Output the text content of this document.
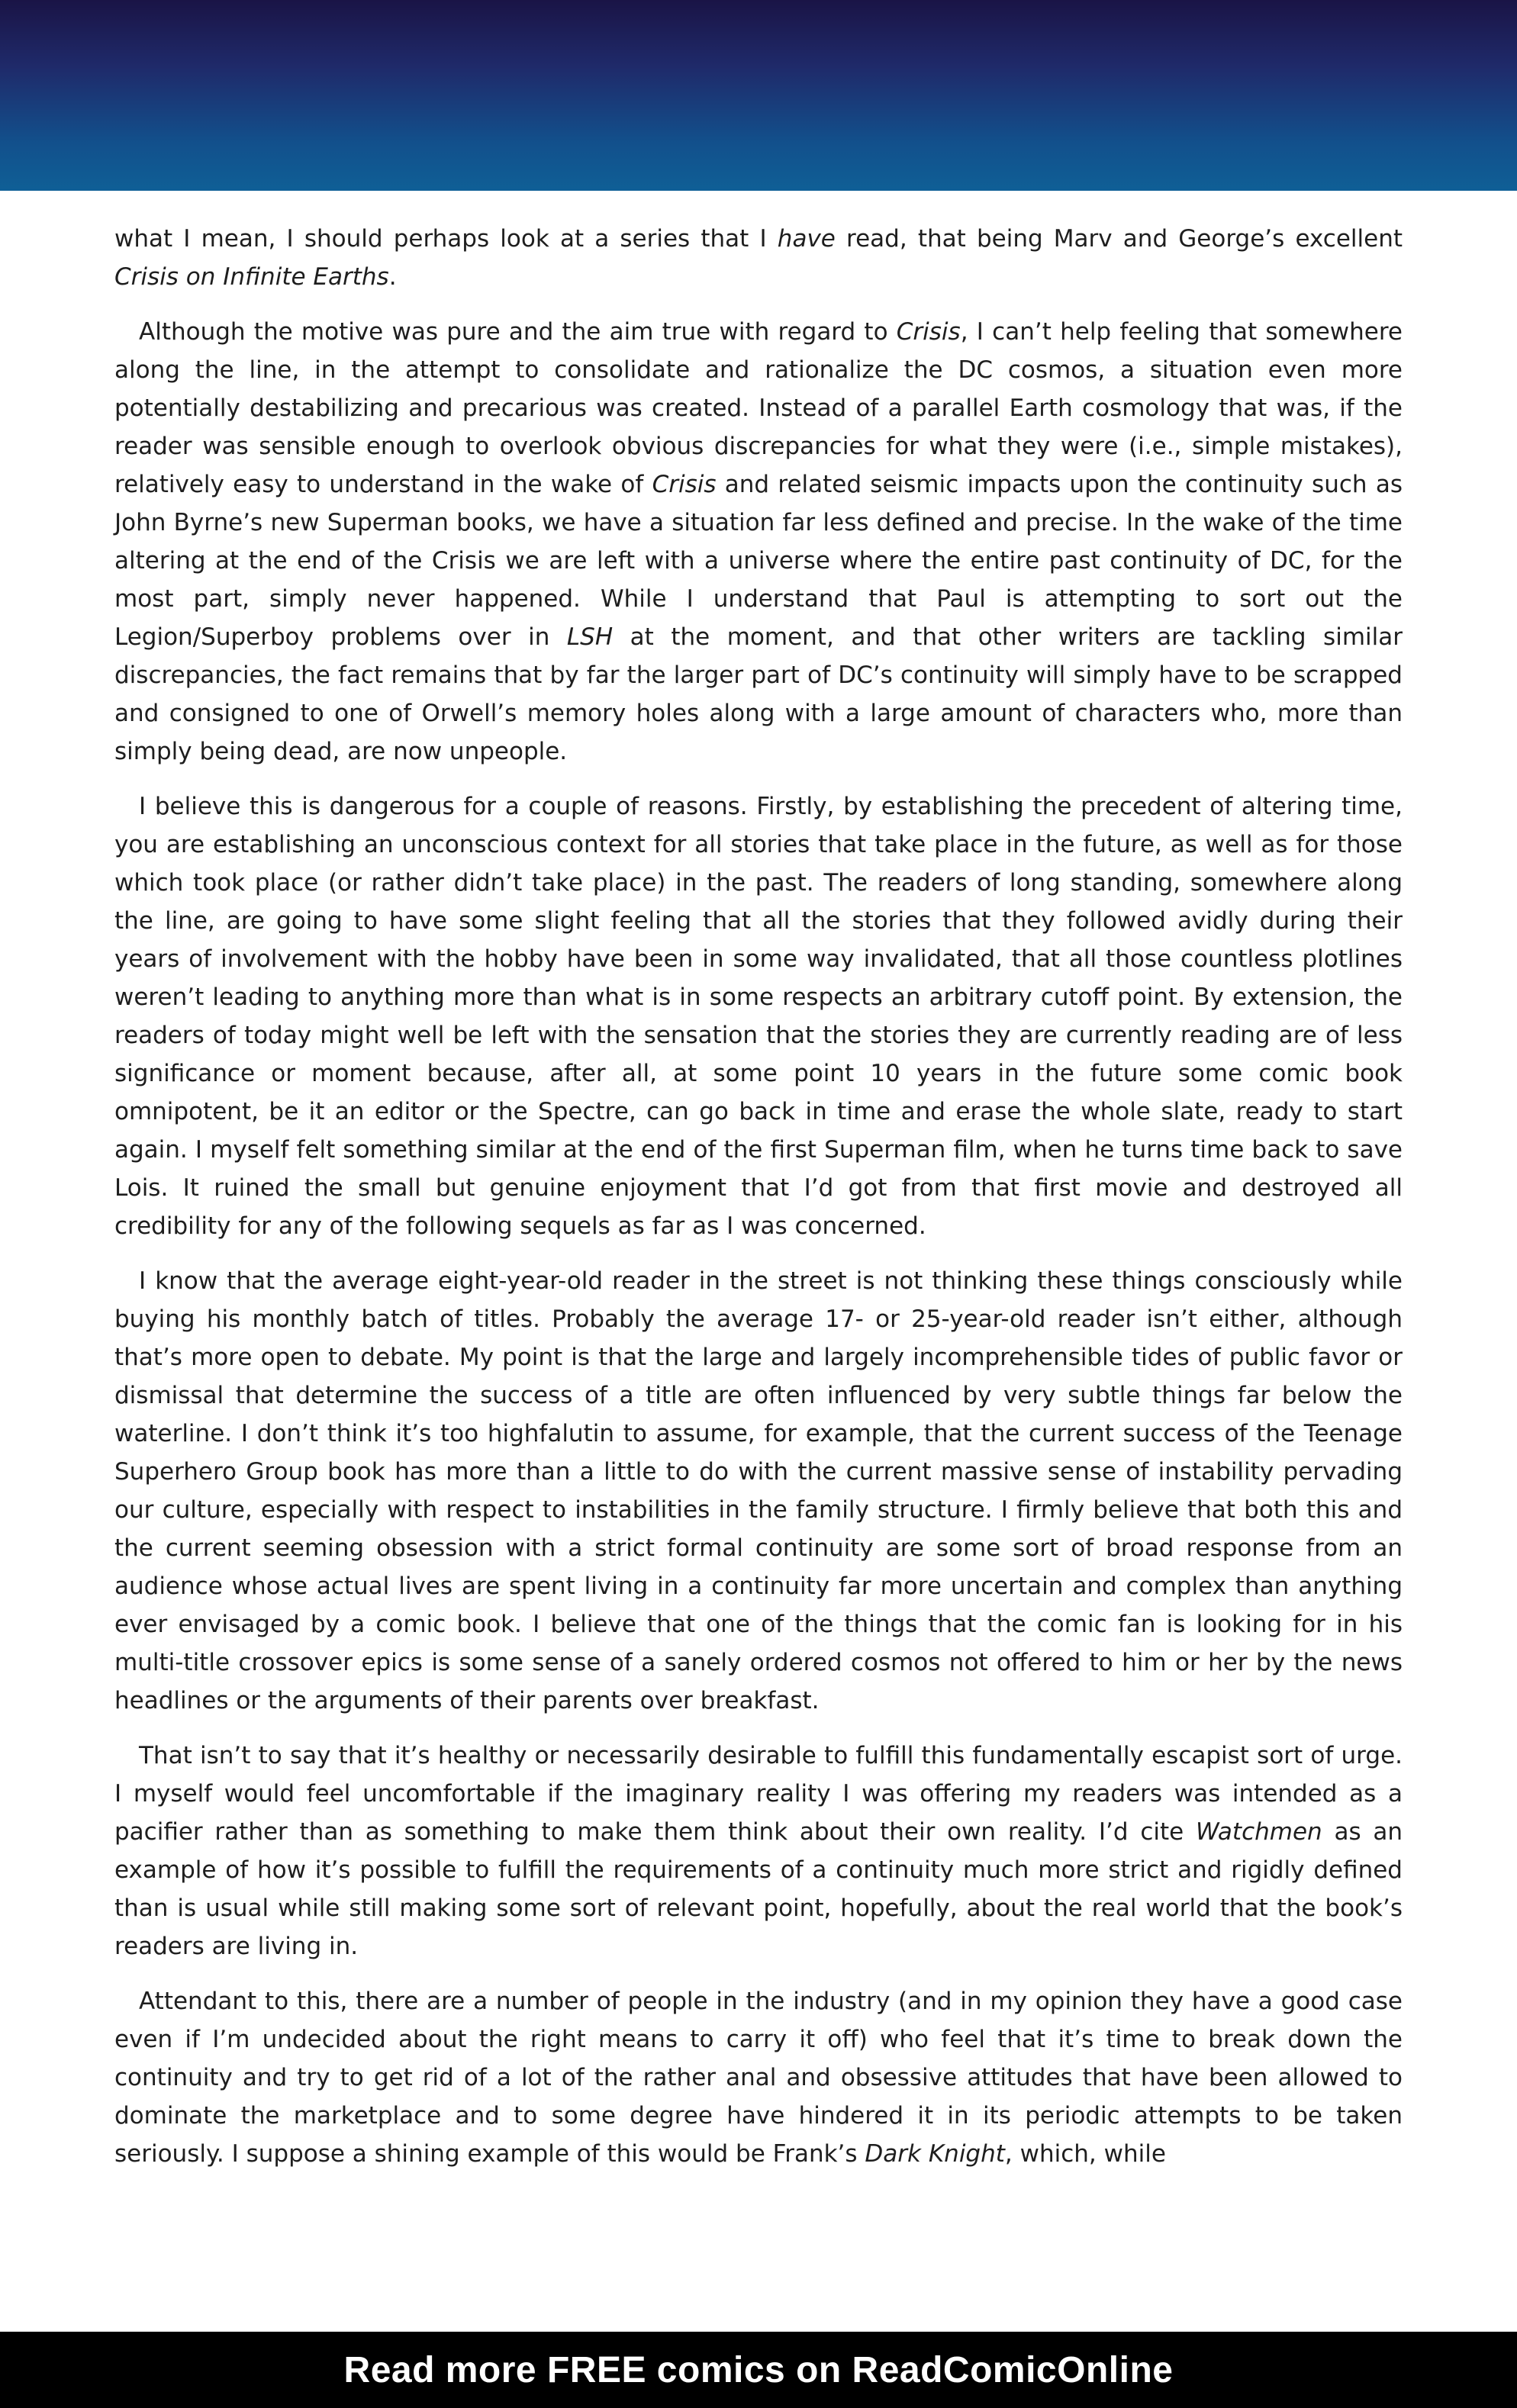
what I mean, I should perhaps look at a series that I have read, that being Marv and George’s excellent Crisis on Infinite Earths.

Although the motive was pure and the aim true with regard to Crisis, I can’t help feeling that somewhere along the line, in the attempt to consolidate and rationalize the DC cosmos, a situation even more potentially destabilizing and precarious was created. Instead of a parallel Earth cosmology that was, if the reader was sensible enough to overlook obvious discrepancies for what they were (i.e., simple mistakes), relatively easy to understand in the wake of Crisis and related seismic impacts upon the continuity such as John Byrne’s new Superman books, we have a situation far less defined and precise. In the wake of the time altering at the end of the Crisis we are left with a universe where the entire past continuity of DC, for the most part, simply never happened. While I understand that Paul is attempting to sort out the Legion/Superboy problems over in LSH at the moment, and that other writers are tackling similar discrepancies, the fact remains that by far the larger part of DC’s continuity will simply have to be scrapped and consigned to one of Orwell’s memory holes along with a large amount of characters who, more than simply being dead, are now unpeople.

I believe this is dangerous for a couple of reasons. Firstly, by establishing the precedent of altering time, you are establishing an unconscious context for all stories that take place in the future, as well as for those which took place (or rather didn’t take place) in the past. The readers of long standing, somewhere along the line, are going to have some slight feeling that all the stories that they followed avidly during their years of involvement with the hobby have been in some way invalidated, that all those countless plotlines weren’t leading to anything more than what is in some respects an arbitrary cutoff point. By extension, the readers of today might well be left with the sensation that the stories they are currently reading are of less significance or moment because, after all, at some point 10 years in the future some comic book omnipotent, be it an editor or the Spectre, can go back in time and erase the whole slate, ready to start again. I myself felt something similar at the end of the first Superman film, when he turns time back to save Lois. It ruined the small but genuine enjoyment that I’d got from that first movie and destroyed all credibility for any of the following sequels as far as I was concerned.

I know that the average eight-year-old reader in the street is not thinking these things consciously while buying his monthly batch of titles. Probably the average 17- or 25-year-old reader isn’t either, although that’s more open to debate. My point is that the large and largely incomprehensible tides of public favor or dismissal that determine the success of a title are often influenced by very subtle things far below the waterline. I don’t think it’s too highfalutin to assume, for example, that the current success of the Teenage Superhero Group book has more than a little to do with the current massive sense of instability pervading our culture, especially with respect to instabilities in the family structure. I firmly believe that both this and the current seeming obsession with a strict formal continuity are some sort of broad response from an audience whose actual lives are spent living in a continuity far more uncertain and complex than anything ever envisaged by a comic book. I believe that one of the things that the comic fan is looking for in his multi-title crossover epics is some sense of a sanely ordered cosmos not offered to him or her by the news headlines or the arguments of their parents over breakfast.

That isn’t to say that it’s healthy or necessarily desirable to fulfill this fundamentally escapist sort of urge. I myself would feel uncomfortable if the imaginary reality I was offering my readers was intended as a pacifier rather than as something to make them think about their own reality. I’d cite Watchmen as an example of how it’s possible to fulfill the requirements of a continuity much more strict and rigidly defined than is usual while still making some sort of relevant point, hopefully, about the real world that the book’s readers are living in.

Attendant to this, there are a number of people in the industry (and in my opinion they have a good case even if I’m undecided about the right means to carry it off) who feel that it’s time to break down the continuity and try to get rid of a lot of the rather anal and obsessive attitudes that have been allowed to dominate the marketplace and to some degree have hindered it in its periodic attempts to be taken seriously. I suppose a shining example of this would be Frank’s Dark Knight, which, while

Read more FREE comics on ReadComicOnline
